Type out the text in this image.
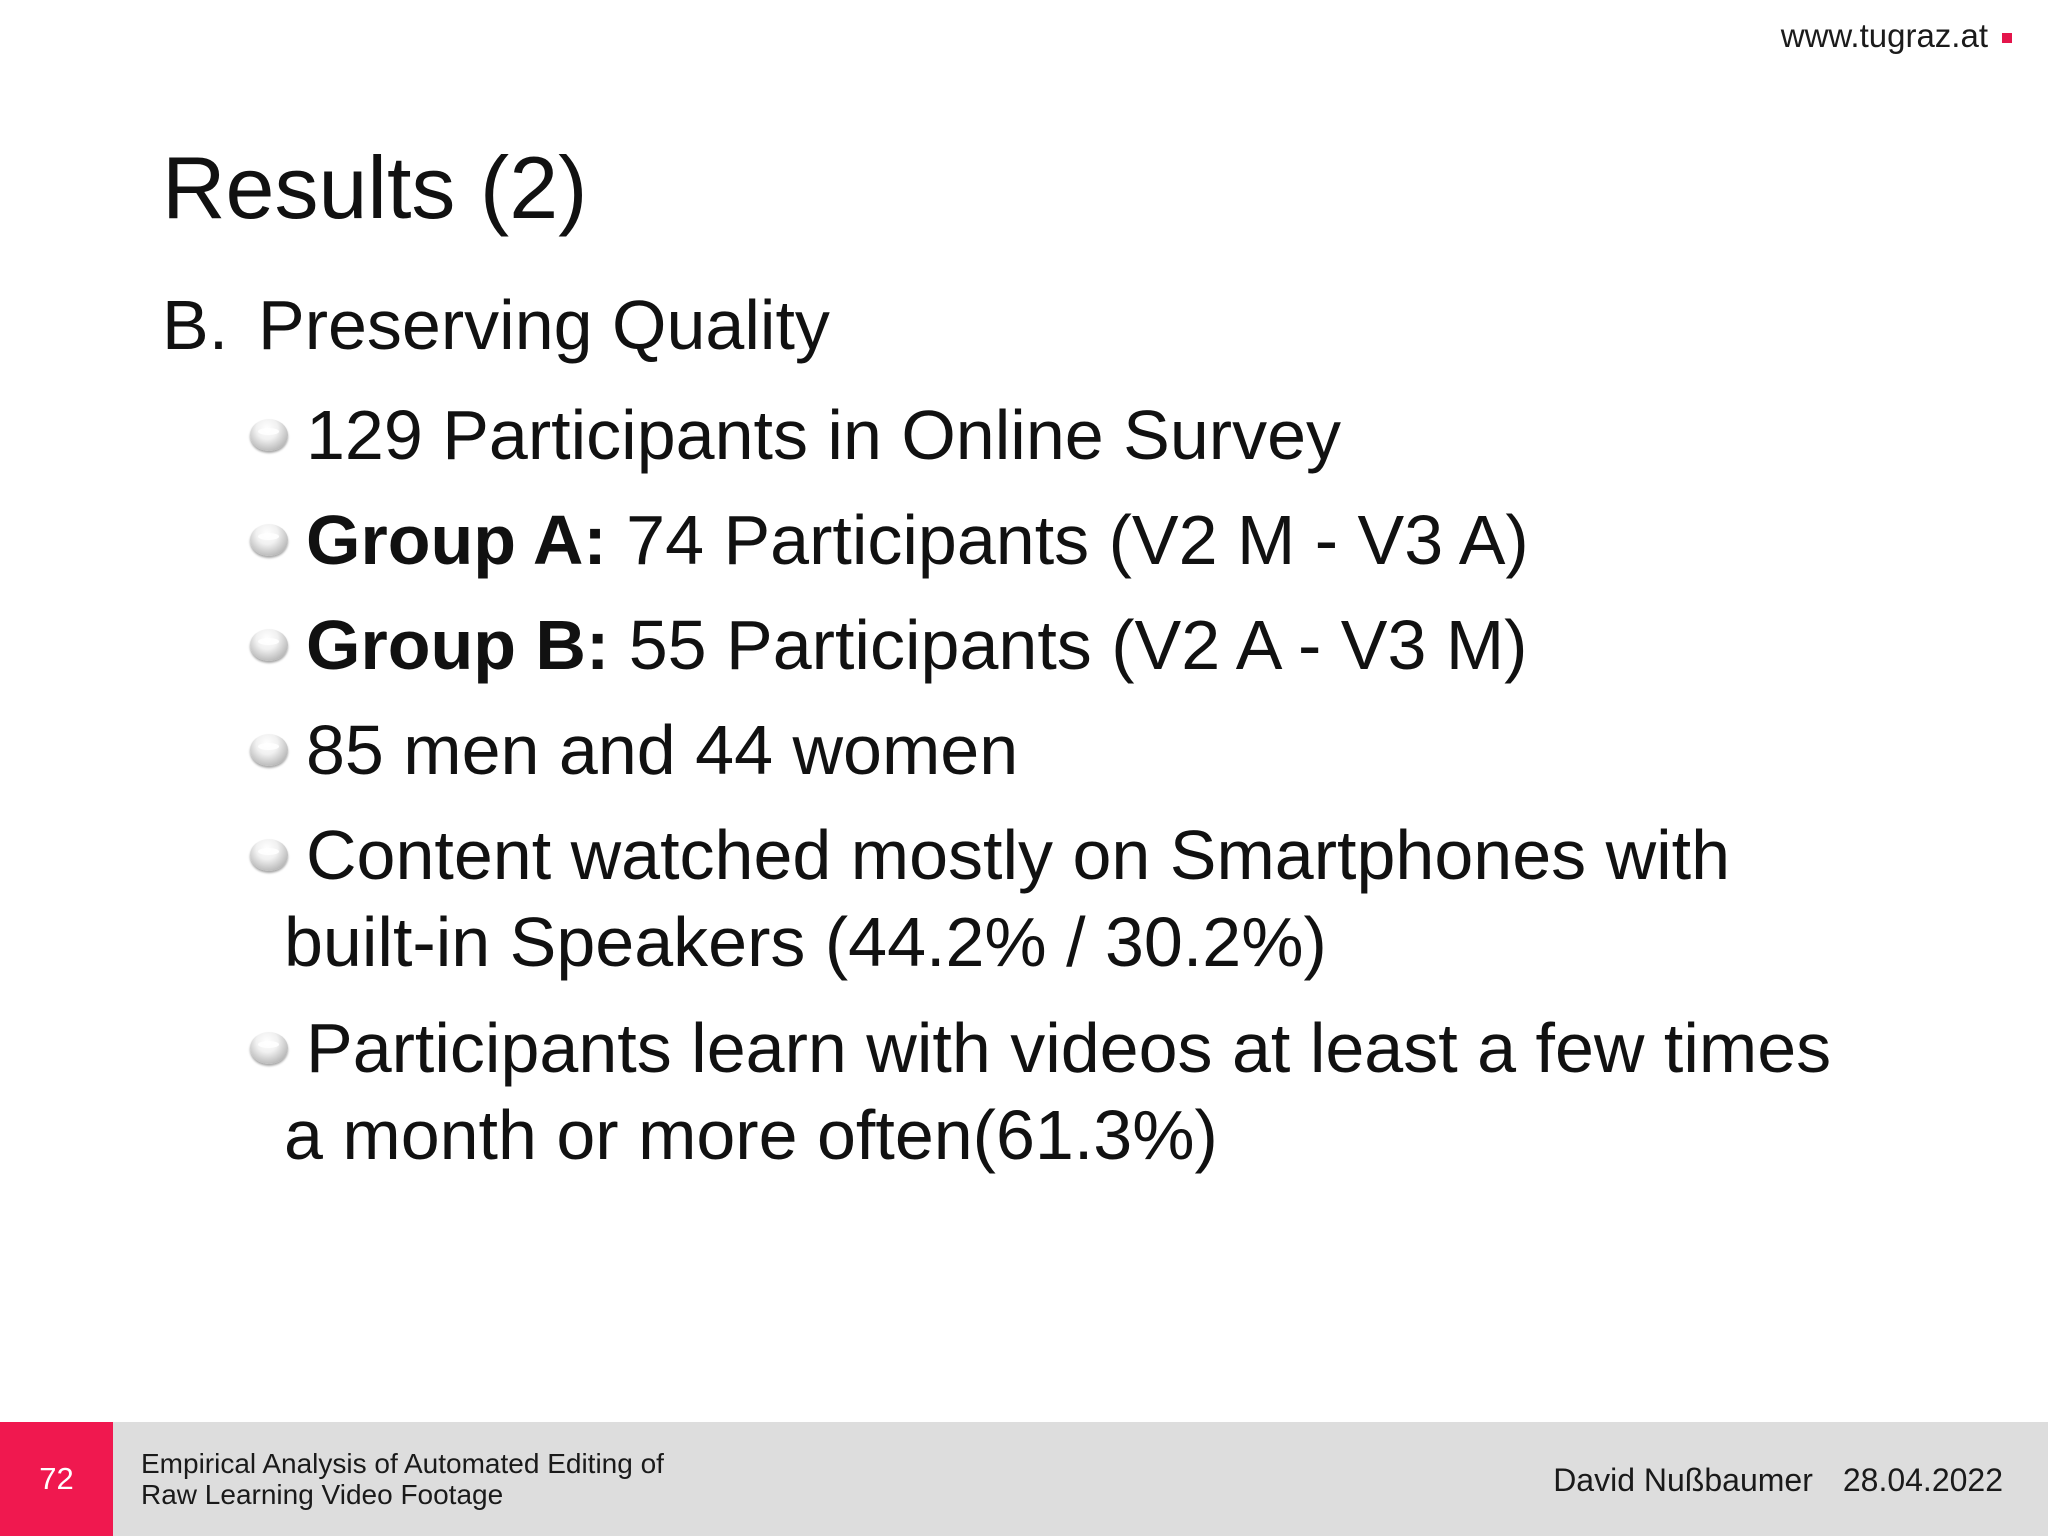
www.tugraz.at
Results (2)
B. Preserving Quality
129 Participants in Online Survey
Group A: 74 Participants (V2 M - V3 A)
Group B: 55 Participants (V2 A - V3 M)
85 men and 44 women
Content watched mostly on Smartphones with
built-in Speakers (44.2% / 30.2%)
Participants learn with videos at least a few times
a month or more often(61.3%)
72	Empirical Analysis of Automated Editing of
Raw Learning Video Footage	David Nußbaumer 28.04.2022
